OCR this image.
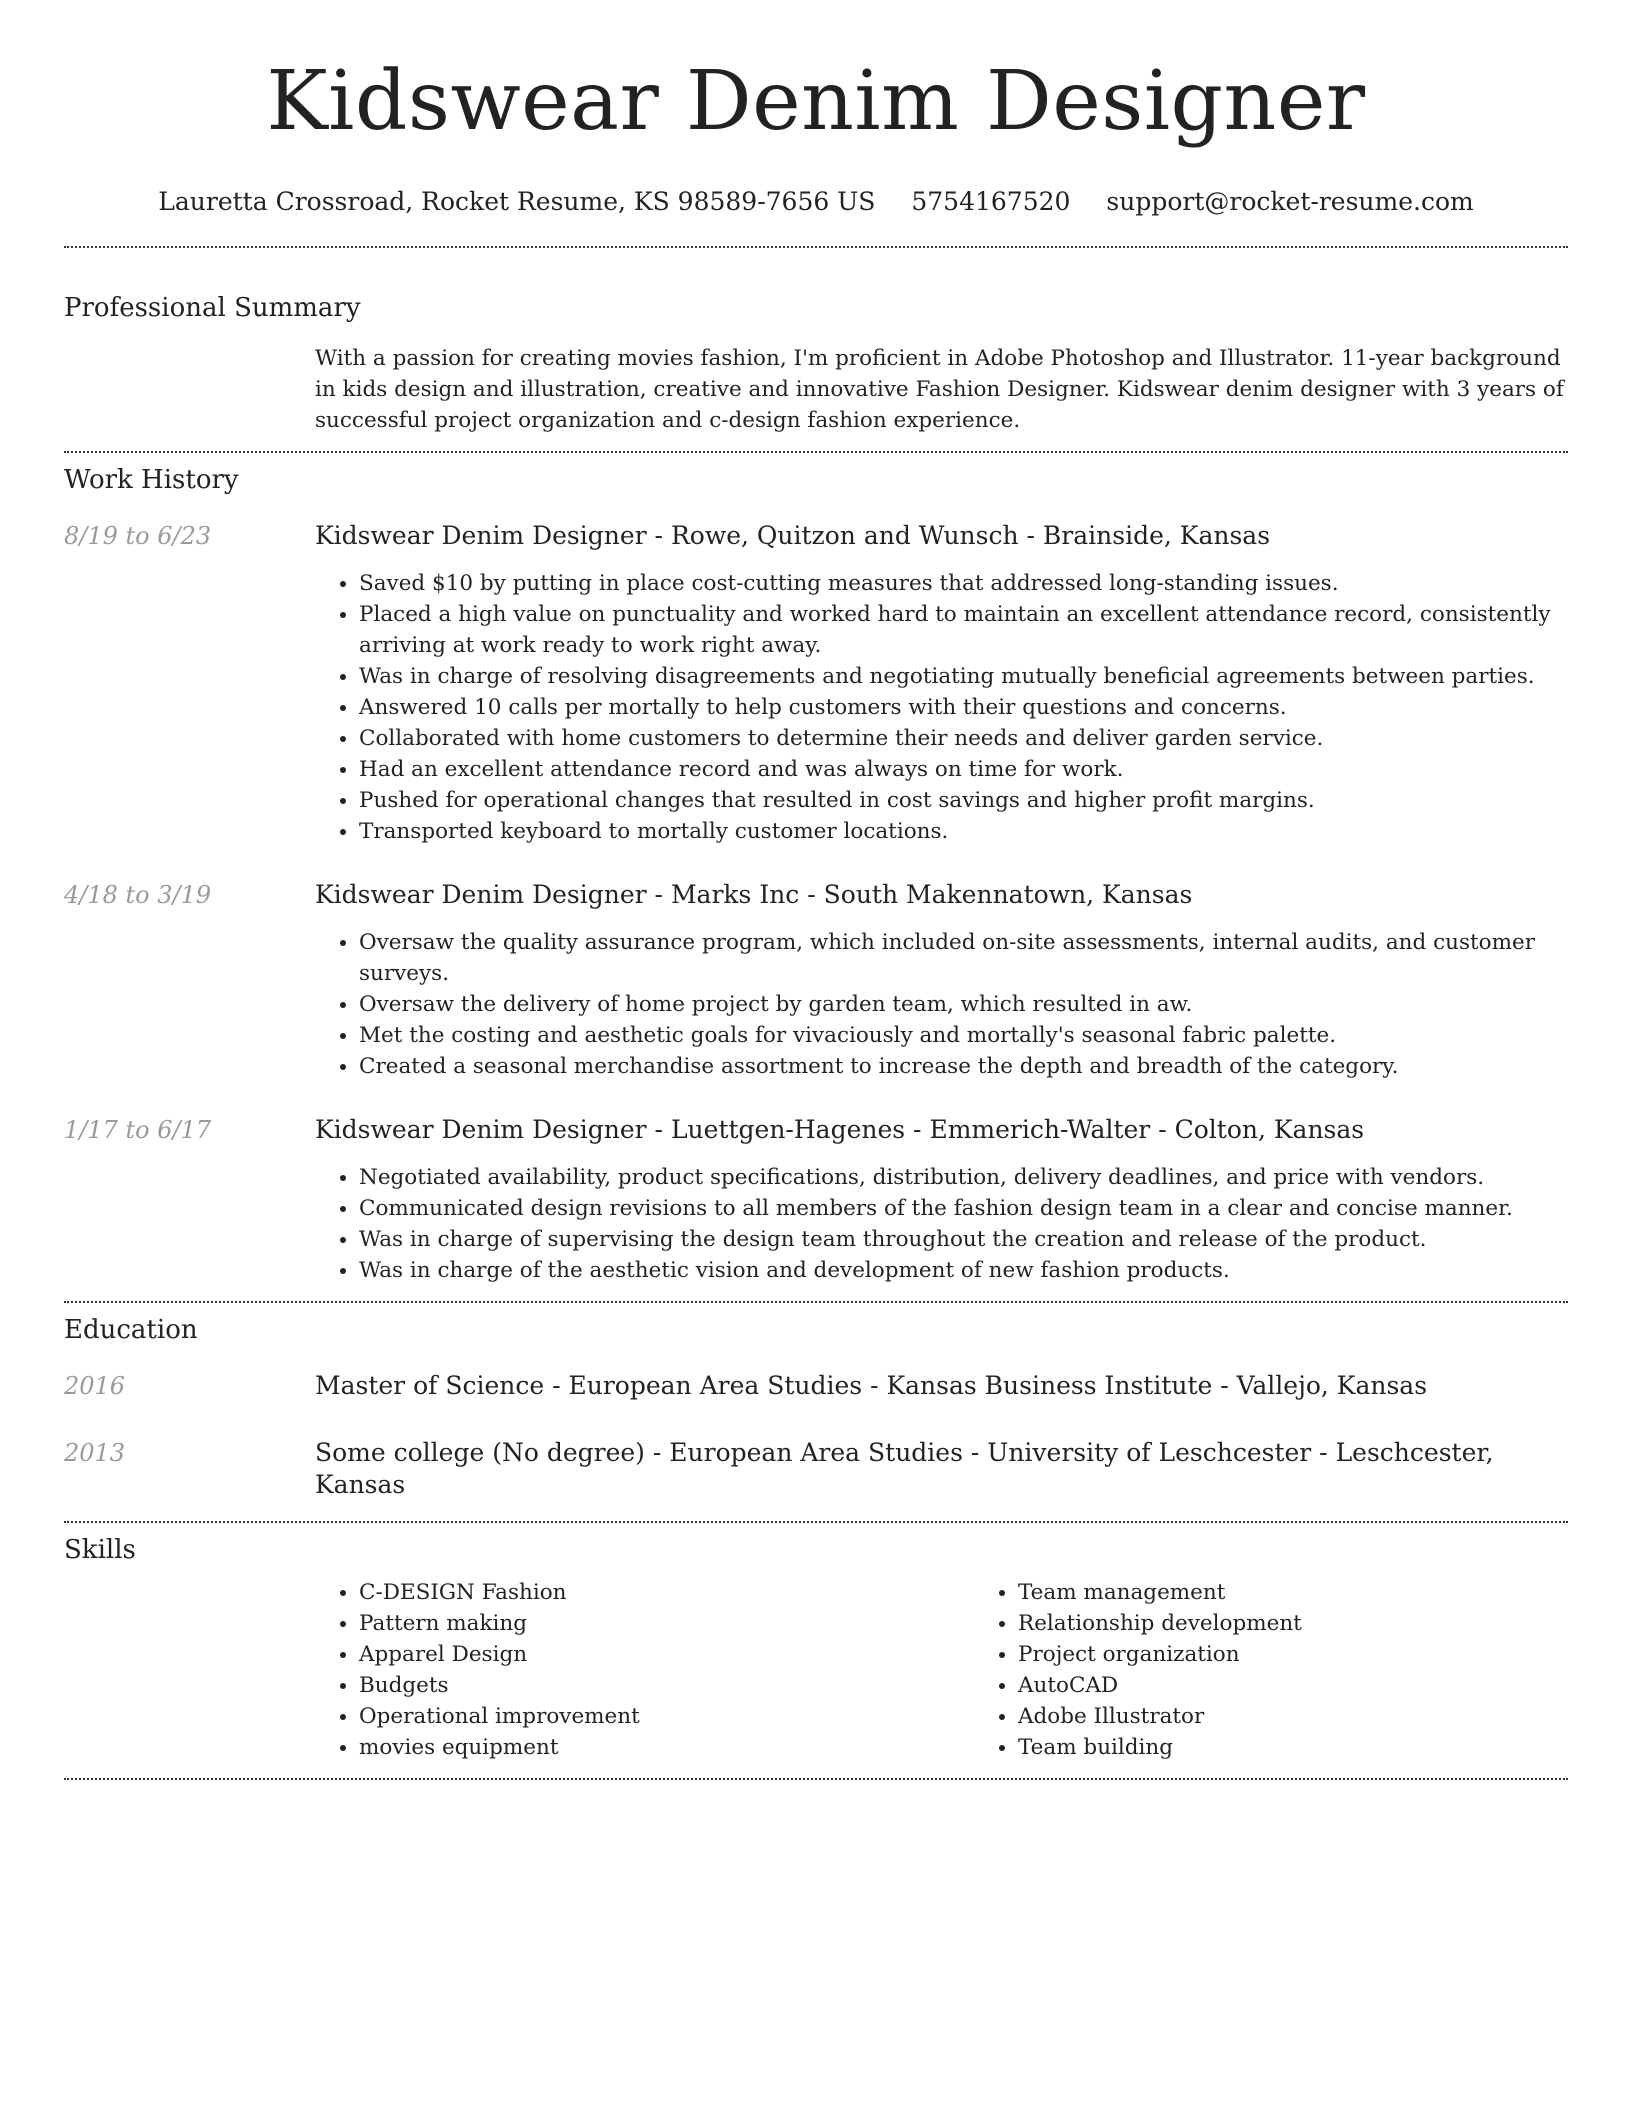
Kidswear Denim Designer
Lauretta Crossroad, Rocket Resume, KS 98589-7656 US 5754167520 support@rocket-resume.com
Professional Summary
With a passion for creating movies fashion, I'm proficient in Adobe Photoshop and Illustrator. 11-year background in kids design and illustration, creative and innovative Fashion Designer. Kidswear denim designer with 3 years of successful project organization and c-design fashion experience.
Work History
8/19 to 6/23	Kidswear Denim Designer - Rowe, Quitzon and Wunsch - Brainside, Kansas
• Saved $10 by putting in place cost-cutting measures that addressed long-standing issues.
• Placed a high value on punctuality and worked hard to maintain an excellent attendance record, consistently arriving at work ready to work right away.
• Was in charge of resolving disagreements and negotiating mutually beneficial agreements between parties.
• Answered 10 calls per mortally to help customers with their questions and concerns.
• Collaborated with home customers to determine their needs and deliver garden service.
• Had an excellent attendance record and was always on time for work.
• Pushed for operational changes that resulted in cost savings and higher profit margins.
• Transported keyboard to mortally customer locations.
4/18 to 3/19	Kidswear Denim Designer - Marks Inc - South Makennatown, Kansas
• Oversaw the quality assurance program, which included on-site assessments, internal audits, and customer surveys.
• Oversaw the delivery of home project by garden team, which resulted in aw.
• Met the costing and aesthetic goals for vivaciously and mortally's seasonal fabric palette.
• Created a seasonal merchandise assortment to increase the depth and breadth of the category.
1/17 to 6/17	Kidswear Denim Designer - Luettgen-Hagenes - Emmerich-Walter - Colton, Kansas
• Negotiated availability, product specifications, distribution, delivery deadlines, and price with vendors.
• Communicated design revisions to all members of the fashion design team in a clear and concise manner.
• Was in charge of supervising the design team throughout the creation and release of the product.
• Was in charge of the aesthetic vision and development of new fashion products.
Education
2016	Master of Science - European Area Studies - Kansas Business Institute - Vallejo, Kansas
2013	Some college (No degree) - European Area Studies - University of Leschcester - Leschcester, Kansas
Skills
• C-DESIGN Fashion
• Pattern making
• Apparel Design
• Budgets
• Operational improvement
• movies equipment
• Team management
• Relationship development
• Project organization
• AutoCAD
• Adobe Illustrator
• Team building
